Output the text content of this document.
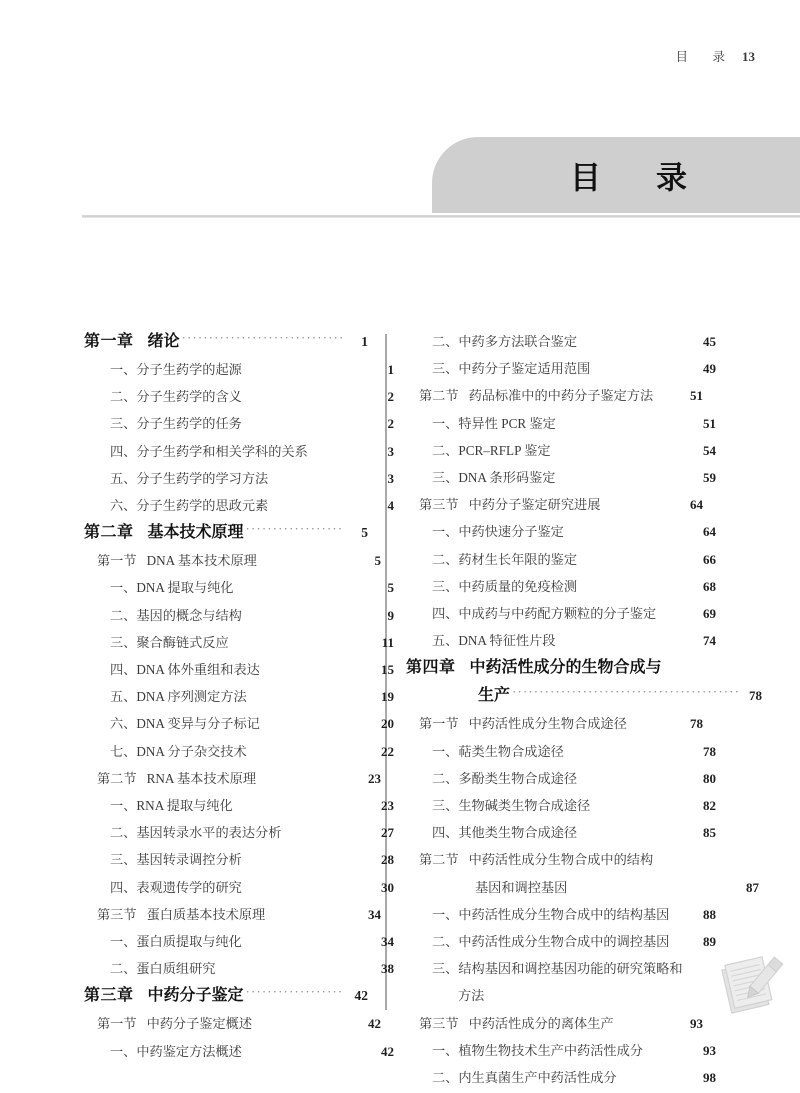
目　录 13
目　录
第一章 绪论 ·····	1
一、分子生药学的起源	1
二、分子生药学的含义	2
三、分子生药学的任务	2
四、分子生药学和相关学科的关系	3
五、分子生药学的学习方法	3
六、分子生药学的思政元素	4
第二章 基本技术原理 ·····	5
第一节 DNA 基本技术原理	5
一、DNA 提取与纯化	5
二、基因的概念与结构	9
三、聚合酶链式反应	11
四、DNA 体外重组和表达	15
五、DNA 序列测定方法	19
六、DNA 变异与分子标记	20
七、DNA 分子杂交技术	22
第二节 RNA 基本技术原理	23
一、RNA 提取与纯化	23
二、基因转录水平的表达分析	27
三、基因转录调控分析	28
四、表观遗传学的研究	30
第三节 蛋白质基本技术原理	34
一、蛋白质提取与纯化	34
二、蛋白质组研究	38
第三章 中药分子鉴定 ·····	42
第一节 中药分子鉴定概述	42
一、中药鉴定方法概述	42
二、中药多方法联合鉴定	45
三、中药分子鉴定适用范围	49
第二节 药品标准中的中药分子鉴定方法	51
一、特异性 PCR 鉴定	51
二、PCR–RFLP 鉴定	54
三、DNA 条形码鉴定	59
第三节 中药分子鉴定研究进展	64
一、中药快速分子鉴定	64
二、药材生长年限的鉴定	66
三、中药质量的免疫检测	68
四、中成药与中药配方颗粒的分子鉴定	69
五、DNA 特征性片段	74
第四章 中药活性成分的生物合成与
生产 ·····	78
第一节 中药活性成分生物合成途径	78
一、萜类生物合成途径	78
二、多酚类生物合成途径	80
三、生物碱类生物合成途径	82
四、其他类生物合成途径	85
第二节 中药活性成分生物合成中的结构
基因和调控基因	87
一、中药活性成分生物合成中的结构基因	88
二、中药活性成分生物合成中的调控基因	89
三、结构基因和调控基因功能的研究策略和
方法
第三节 中药活性成分的离体生产	93
一、植物生物技术生产中药活性成分	93
二、内生真菌生产中药活性成分	98
